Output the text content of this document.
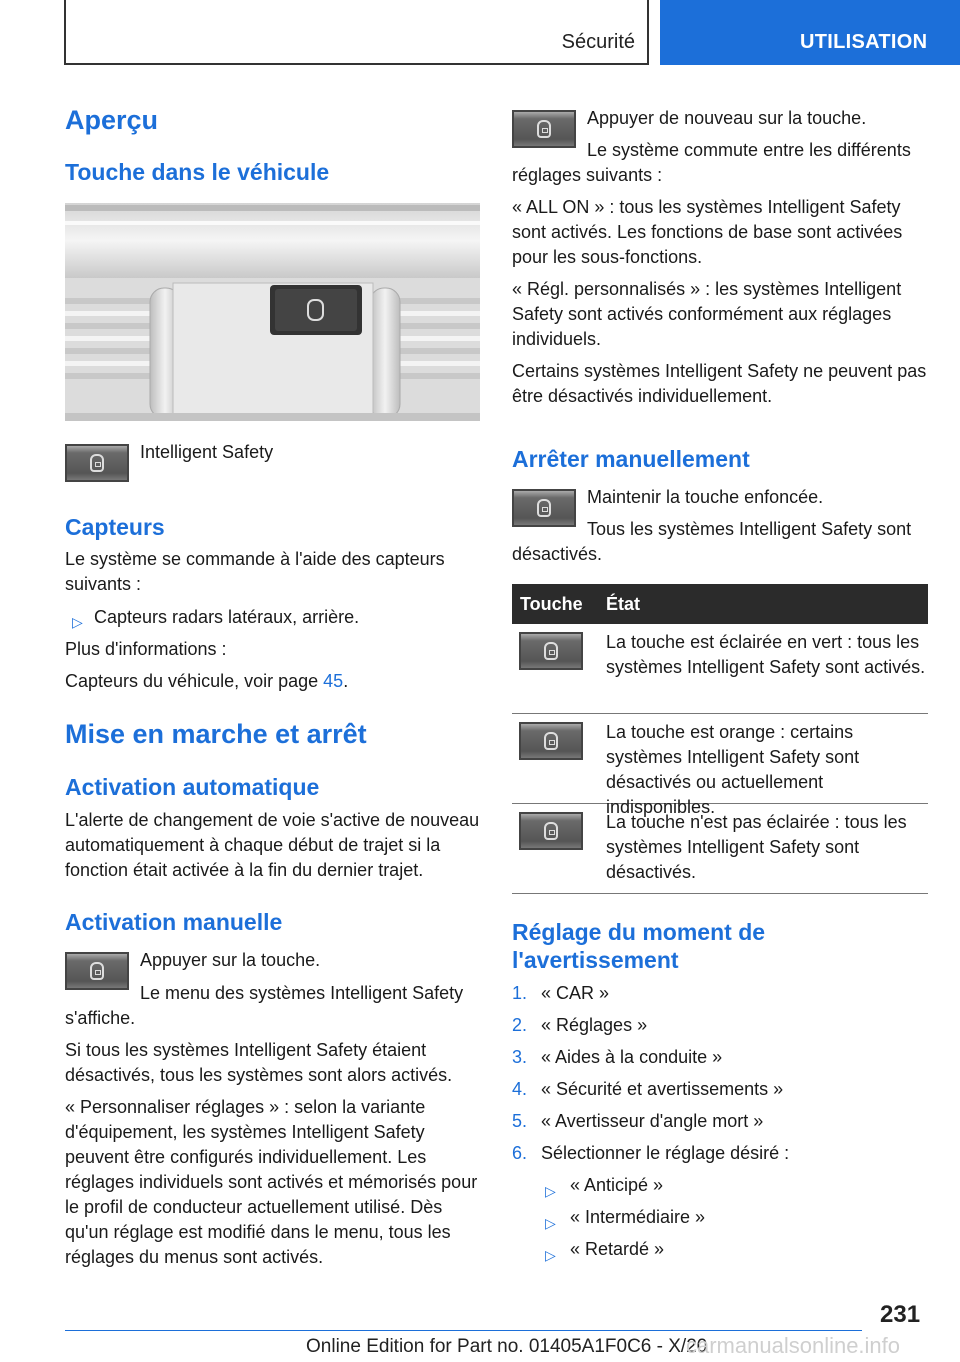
Sécurité	UTILISATION
Aperçu
Touche dans le véhicule
Intelligent Safety
Capteurs
Le système se commande à l'aide des capteurs suivants :
▷ Capteurs radars latéraux, arrière.
Plus d'informations :
Capteurs du véhicule, voir page 45.
Mise en marche et arrêt
Activation automatique
L'alerte de changement de voie s'active de nouveau automatiquement à chaque début de trajet si la fonction était activée à la fin du dernier trajet.
Activation manuelle
Appuyer sur la touche.
Le menu des systèmes Intelligent Safety s'affiche.
Si tous les systèmes Intelligent Safety étaient désactivés, tous les systèmes sont alors activés.
« Personnaliser réglages » : selon la variante d'équipement, les systèmes Intelligent Safety peuvent être configurés individuellement. Les réglages individuels sont activés et mémorisés pour le profil de conducteur actuellement utilisé. Dès qu'un réglage est modifié dans le menu, tous les réglages du menus sont activés.
Appuyer de nouveau sur la touche.
Le système commute entre les différents réglages suivants :
« ALL ON » : tous les systèmes Intelligent Safety sont activés. Les fonctions de base sont activées pour les sous-fonctions.
« Régl. personnalisés » : les systèmes Intelligent Safety sont activés conformément aux réglages individuels.
Certains systèmes Intelligent Safety ne peuvent pas être désactivés individuellement.
Arrêter manuellement
Maintenir la touche enfoncée.
Tous les systèmes Intelligent Safety sont désactivés.
Touche État
La touche est éclairée en vert : tous les systèmes Intelligent Safety sont activés.
La touche est orange : certains systèmes Intelligent Safety sont désactivés ou actuellement indisponibles.
La touche n'est pas éclairée : tous les systèmes Intelligent Safety sont désactivés.
Réglage du moment de l'avertissement
1. « CAR »
2. « Réglages »
3. « Aides à la conduite »
4. « Sécurité et avertissements »
5. « Avertisseur d'angle mort »
6. Sélectionner le réglage désiré :
▷ « Anticipé »
▷ « Intermédiaire »
▷ « Retardé »
231
Online Edition for Part no. 01405A1F0C6 - X/20
carmanualsonline.info
